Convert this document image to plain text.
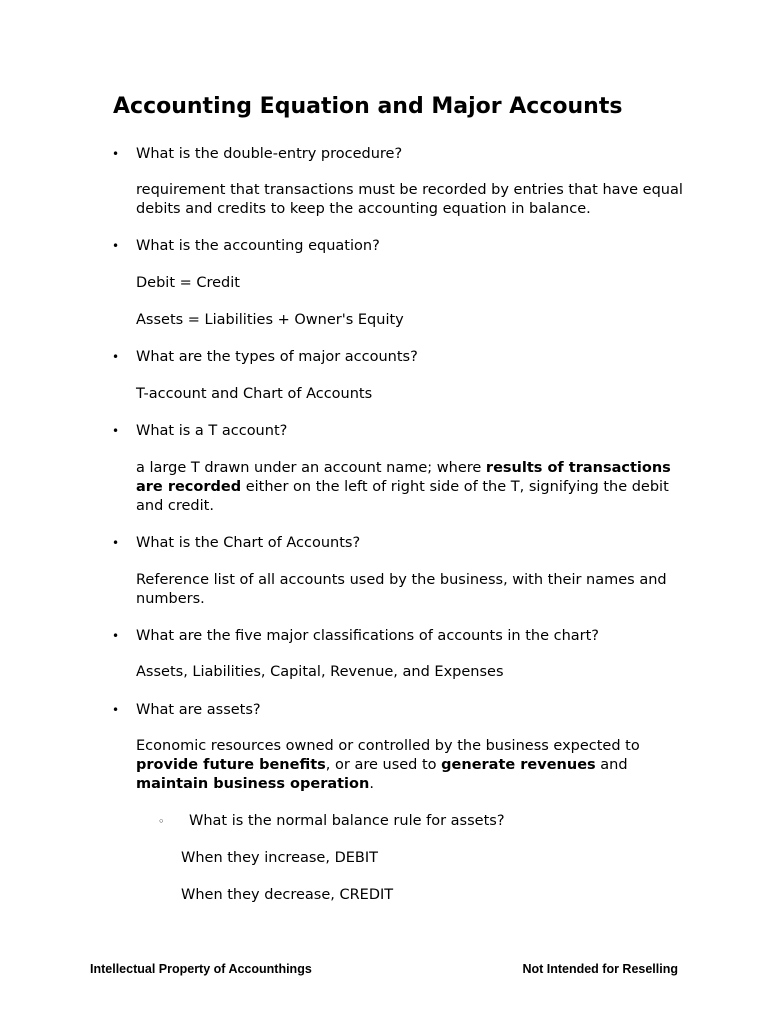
Accounting Equation and Major Accounts
• What is the double-entry procedure?

requirement that transactions must be recorded by entries that have equal debits and credits to keep the accounting equation in balance.

• What is the accounting equation?

Debit = Credit

Assets = Liabilities + Owner's Equity

• What are the types of major accounts?

T-account and Chart of Accounts

• What is a T account?

a large T drawn under an account name; where results of transactions are recorded either on the left of right side of the T, signifying the debit and credit.

• What is the Chart of Accounts?

Reference list of all accounts used by the business, with their names and numbers.

• What are the five major classifications of accounts in the chart?

Assets, Liabilities, Capital, Revenue, and Expenses

• What are assets?

Economic resources owned or controlled by the business expected to provide future benefits, or are used to generate revenues and maintain business operation.

◦ What is the normal balance rule for assets?

When they increase, DEBIT

When they decrease, CREDIT

Intellectual Property of Accounthings	Not Intended for Reselling
